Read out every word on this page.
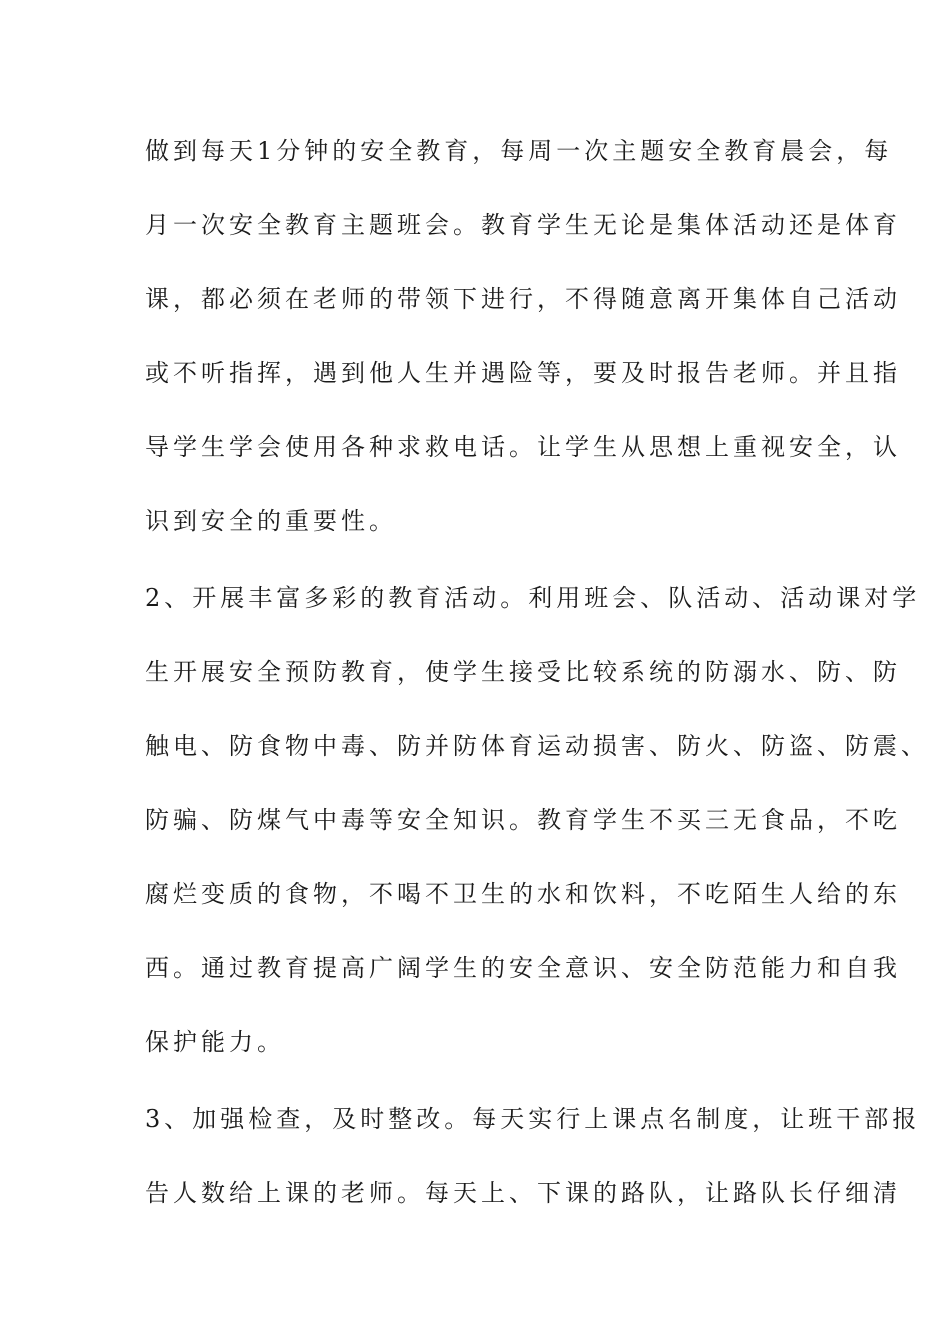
做到每天1分钟的安全教育，每周一次主题安全教育晨会，每
月一次安全教育主题班会。教育学生无论是集体活动还是体育
课，都必须在老师的带领下进行，不得随意离开集体自己活动
或不听指挥，遇到他人生并遇险等，要及时报告老师。并且指
导学生学会使用各种求救电话。让学生从思想上重视安全，认
识到安全的重要性。
2、开展丰富多彩的教育活动。利用班会、队活动、活动课对学
生开展安全预防教育，使学生接受比较系统的防溺水、防、防
触电、防食物中毒、防并防体育运动损害、防火、防盗、防震、
防骗、防煤气中毒等安全知识。教育学生不买三无食品，不吃
腐烂变质的食物，不喝不卫生的水和饮料，不吃陌生人给的东
西。通过教育提高广阔学生的安全意识、安全防范能力和自我
保护能力。
3、加强检查，及时整改。每天实行上课点名制度，让班干部报
告人数给上课的老师。每天上、下课的路队，让路队长仔细清
